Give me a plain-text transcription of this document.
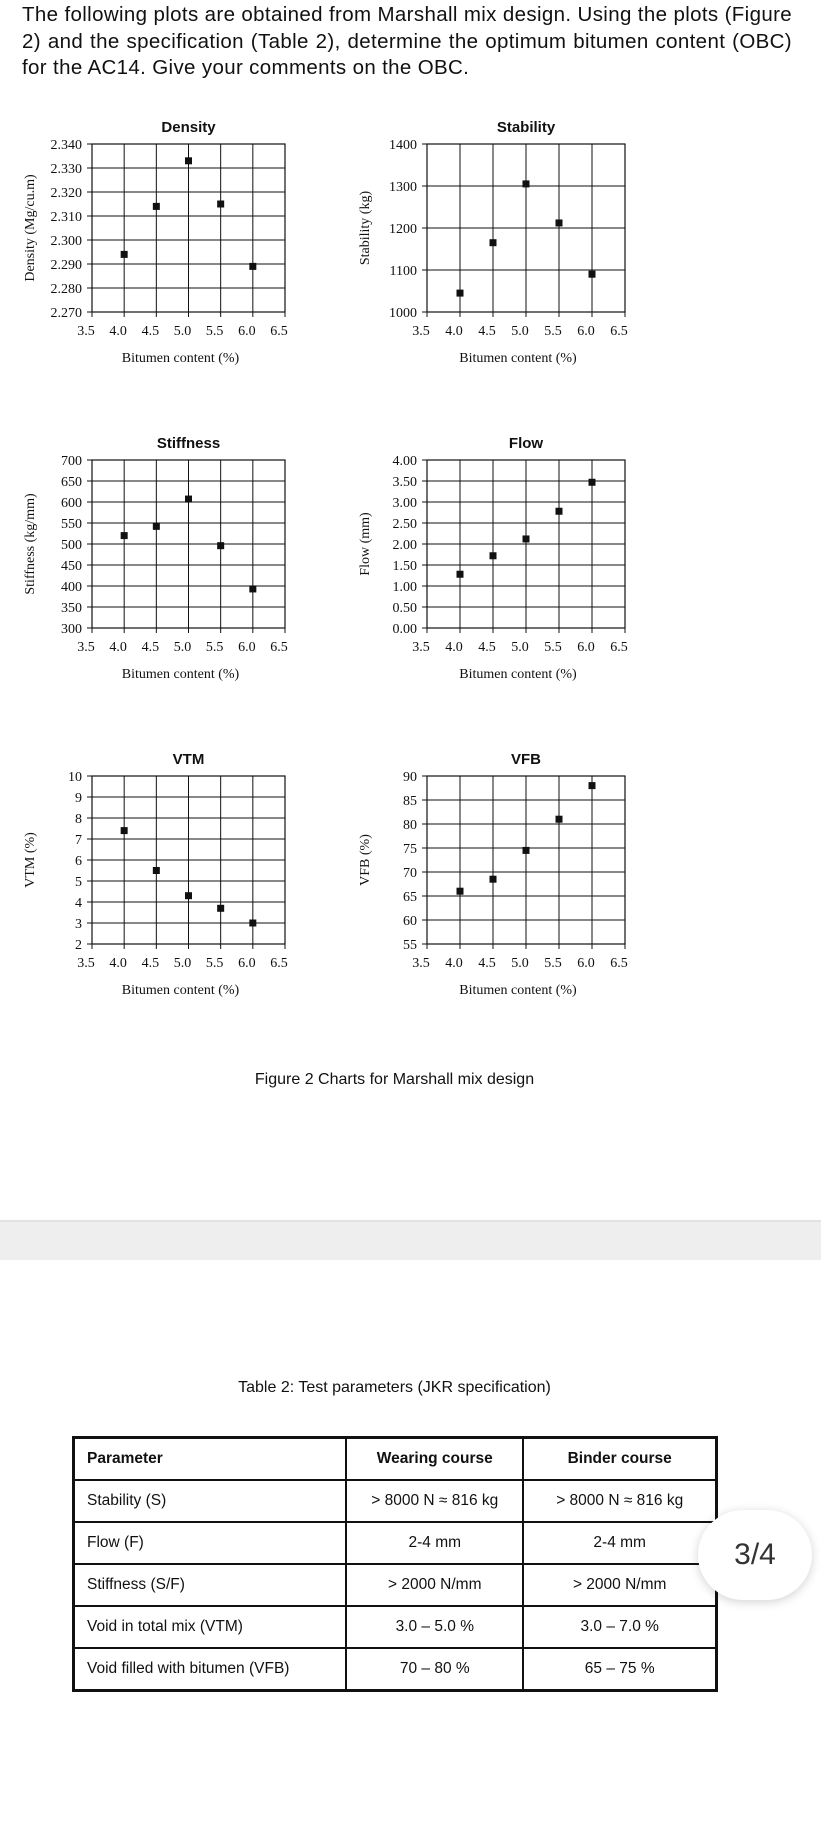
The following plots are obtained from Marshall mix design. Using the plots (Figure 2) and the specification (Table 2), determine the optimum bitumen content (OBC) for the AC14. Give your comments on the OBC.
Density
2.270
2.280
2.290
2.300
2.310
2.320
2.330
2.340
3.5 4.0 4.5 5.0 5.5 6.0 6.5
Bitumen content (%)
Density (Mg/cu.m)
Stability
1000
1100
1200
1300
1400
3.5 4.0 4.5 5.0 5.5 6.0 6.5
Bitumen content (%)
Stability (kg)
Stiffness
300
350
400
450
500
550
600
650
700
3.5 4.0 4.5 5.0 5.5 6.0 6.5
Bitumen content (%)
Stiffness (kg/mm)
Flow
0.00
0.50
1.00
1.50
2.00
2.50
3.00
3.50
4.00
3.5 4.0 4.5 5.0 5.5 6.0 6.5
Bitumen content (%)
Flow (mm)
VTM
2
3
4
5
6
7
8
9
10
3.5 4.0 4.5 5.0 5.5 6.0 6.5
Bitumen content (%)
VTM (%)
VFB
55
60
65
70
75
80
85
90
3.5 4.0 4.5 5.0 5.5 6.0 6.5
Bitumen content (%)
VFB (%)
Figure 2 Charts for Marshall mix design
Table 2: Test parameters (JKR specification)
Parameter	Wearing course	Binder course
Stability (S)	> 8000 N ≈ 816 kg	> 8000 N ≈ 816 kg
Flow (F)	2-4 mm	2-4 mm
Stiffness (S/F)	> 2000 N/mm	> 2000 N/mm
Void in total mix (VTM)	3.0 – 5.0 %	3.0 – 7.0 %
Void filled with bitumen (VFB)	70 – 80 %	65 – 75 %
3/4
